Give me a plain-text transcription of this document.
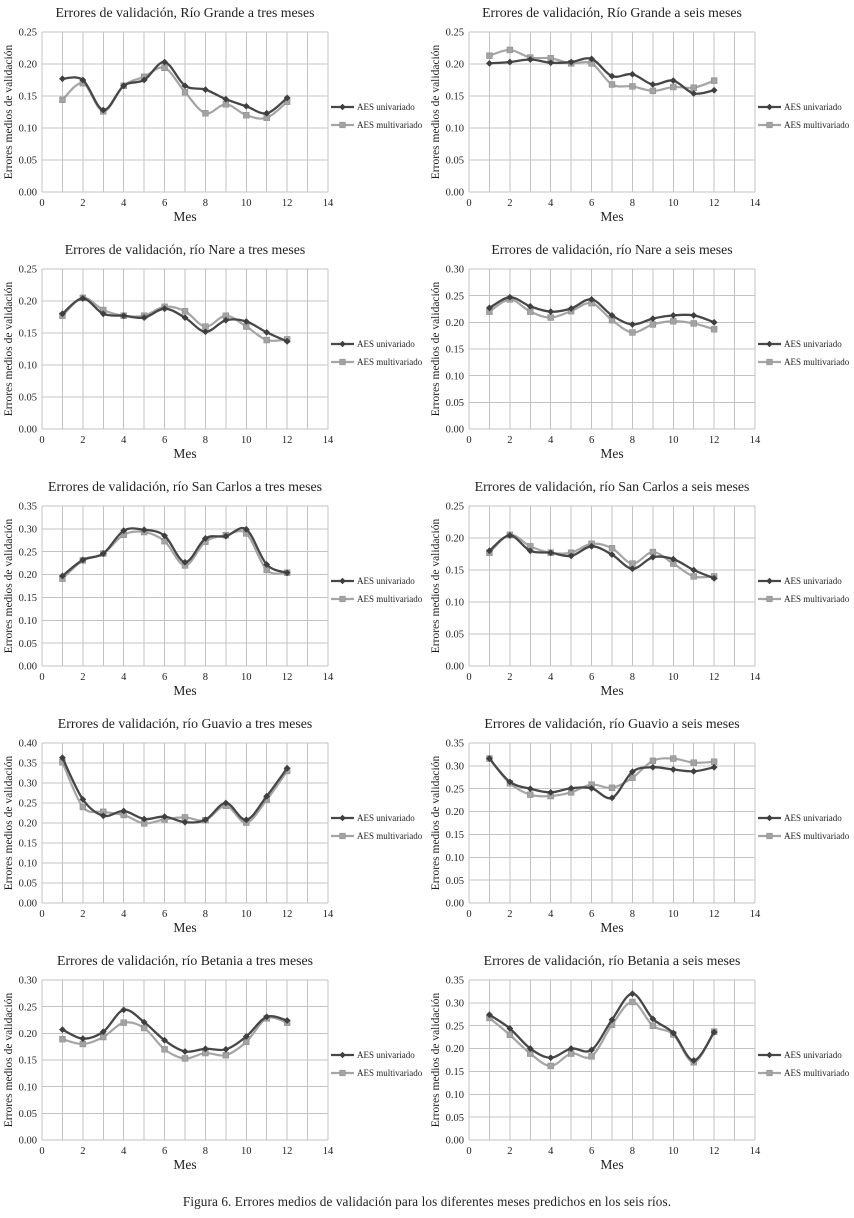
Errores de validación, Río Grande a tres meses
0.00
0.05
0.10
0.15
0.20
0.25
0	2	4	6	8	10	12	14
Mes
Errores medios de validación	AES univariado
AES multivariado
Errores de validación, Río Grande a seis meses
0.00
0.05
0.10
0.15
0.20
0.25
0	2	4	6	8	10	12	14
Mes
Errores medios de validación	AES univariado
AES multivariado
Errores de validación, río Nare a tres meses
0.00
0.05
0.10
0.15
0.20
0.25
0	2	4	6	8	10	12	14
Mes
Errores medios de validación	AES univariado
AES multivariado
Errores de validación, río Nare a seis meses
0.00
0.05
0.10
0.15
0.20
0.25
0.30
0	2	4	6	8	10	12	14
Mes
Errores medios de validación	AES univariado
AES multivariado
Errores de validación, río San Carlos a tres meses
0.00
0.05
0.10
0.15
0.20
0.25
0.30
0.35
0	2	4	6	8	10	12	14
Mes
Errores medios de validación	AES univariado
AES multivariado
Errores de validación, río San Carlos a seis meses
0.00
0.05
0.10
0.15
0.20
0.25
0	2	4	6	8	10	12	14
Mes
Errores medios de validación	AES univariado
AES multivariado
Errores de validación, río Guavio a tres meses
0.00
0.05
0.10
0.15
0.20
0.25
0.30
0.35
0.40
0	2	4	6	8	10	12	14
Mes
Errores medios de validación	AES univariado
AES multivariado
Errores de validación, río Guavio a seis meses
0.00
0.05
0.10
0.15
0.20
0.25
0.30
0.35
0	2	4	6	8	10	12	14
Mes
Errores medios de validación	AES univariado
AES multivariado
Errores de validación, río Betania a tres meses
0.00
0.05
0.10
0.15
0.20
0.25
0.30
0	2	4	6	8	10	12	14
Mes
Errores medios de validación	AES univariado
AES multivariado
Errores de validación, río Betania a seis meses
0.00
0.05
0.10
0.15
0.20
0.25
0.30
0.35
0	2	4	6	8	10	12	14
Mes
Errores medios de validación	AES univariado
AES multivariado
Figura 6. Errores medios de validación para los diferentes meses predichos en los seis ríos.
